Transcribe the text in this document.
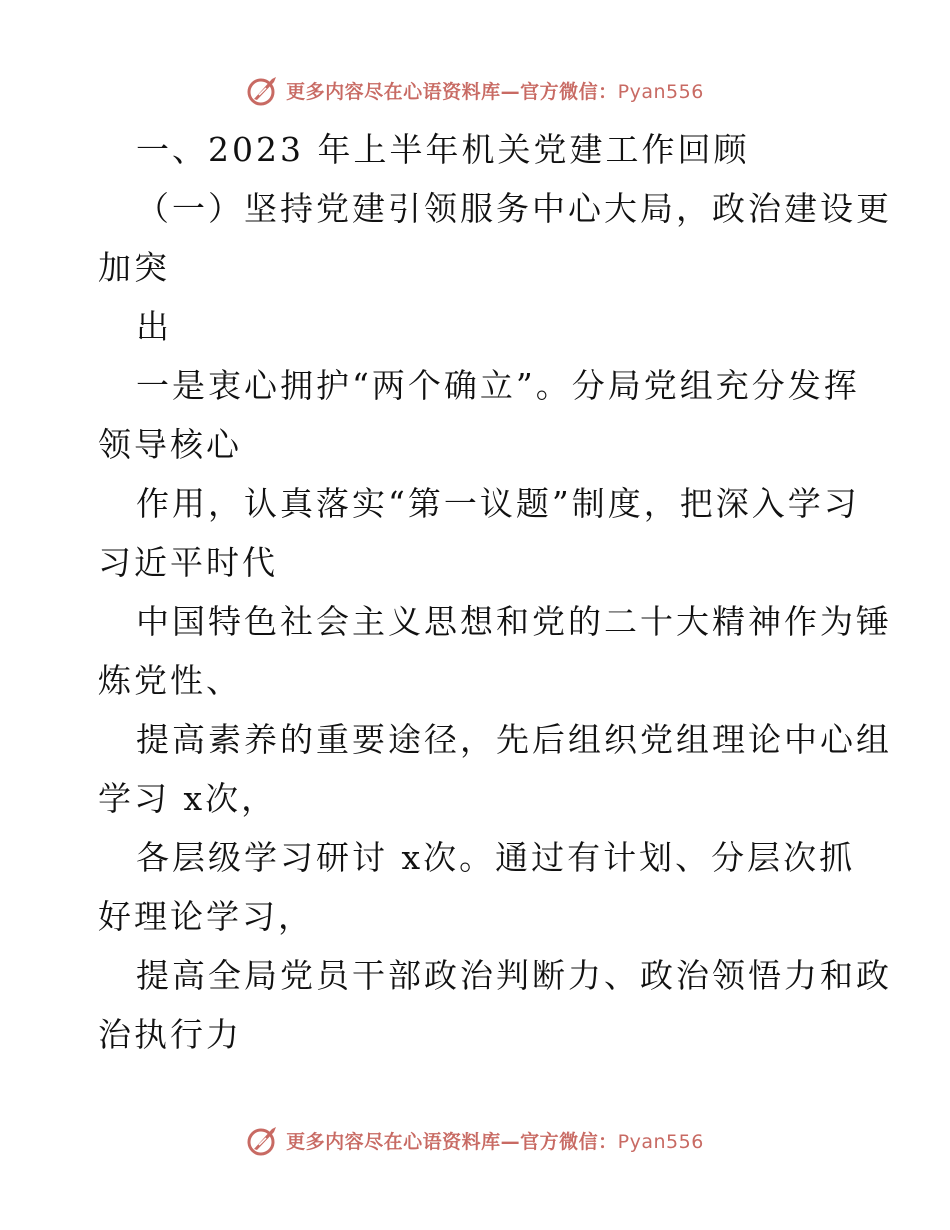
更多内容尽在心语资料库—官方微信：Pyan556
一、2023 年上半年机关党建工作回顾
（一）坚持党建引领服务中心大局，政治建设更
加突
出
一是衷心拥护“两个确立”。分局党组充分发挥
领导核心
作用，认真落实“第一议题”制度，把深入学习
习近平时代
中国特色社会主义思想和党的二十大精神作为锤
炼党性、
提高素养的重要途径，先后组织党组理论中心组
学习 x次，
各层级学习研讨 x次。通过有计划、分层次抓
好理论学习，
提高全局党员干部政治判断力、政治领悟力和政
治执行力
更多内容尽在心语资料库—官方微信：Pyan556
